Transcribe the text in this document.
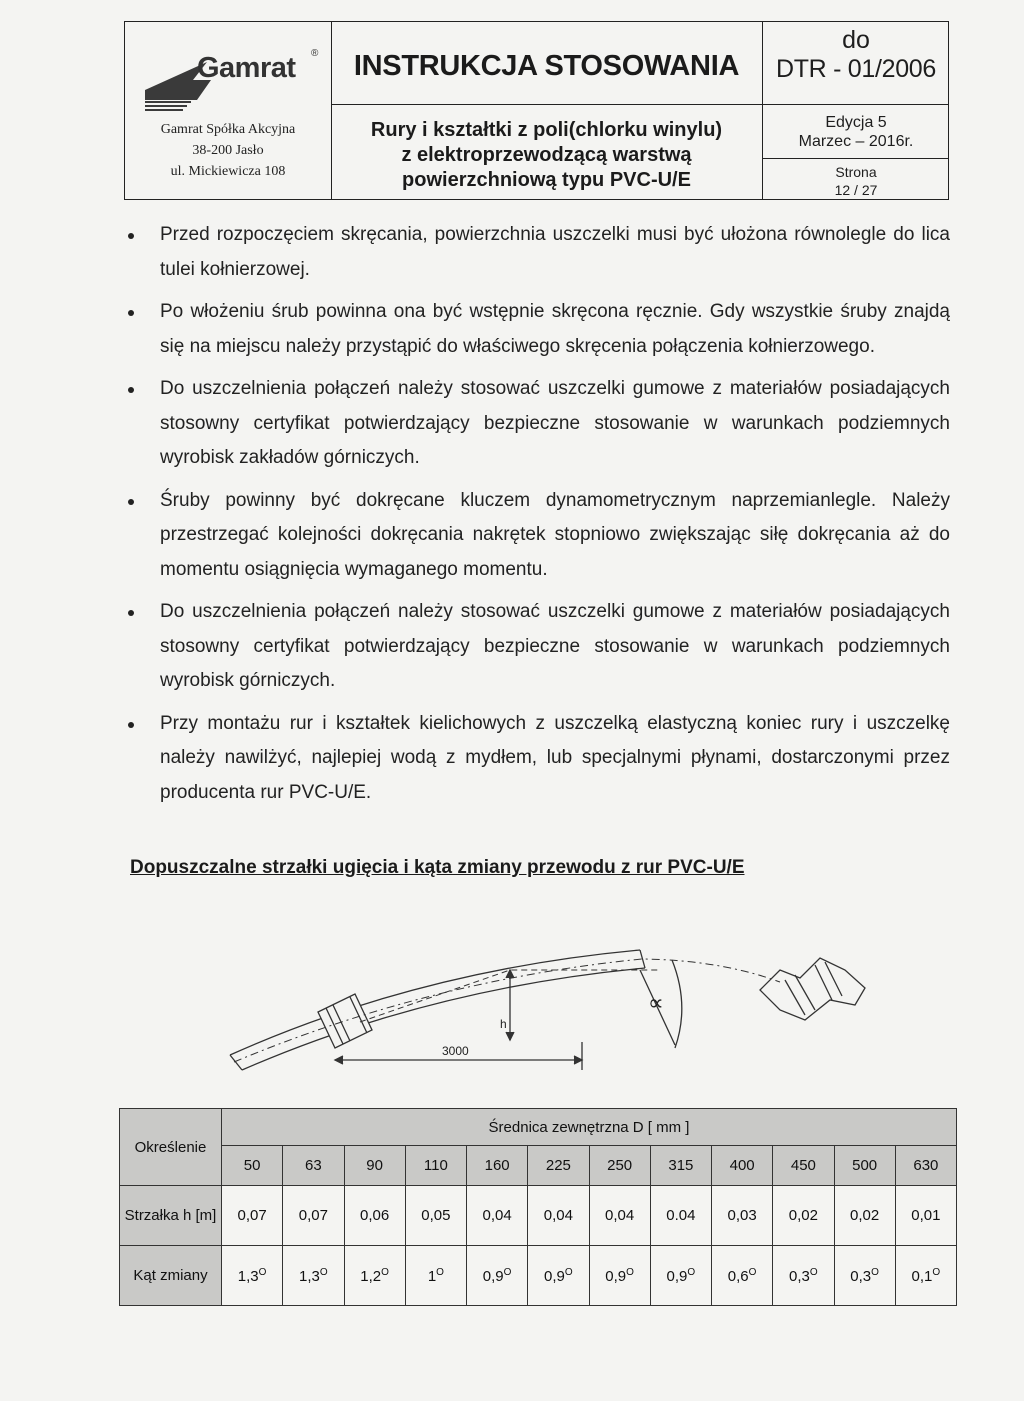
Gamrat ®
Gamrat Spółka Akcyjna
38-200 Jasło
ul. Mickiewicza 108
INSTRUKCJA STOSOWANIA
Rury i kształtki z poli(chlorku winylu)
z elektroprzewodzącą warstwą
powierzchniową typu PVC-U/E
do
DTR - 01/2006
Edycja 5
Marzec – 2016r.
Strona
12 / 27
Przed rozpoczęciem skręcania, powierzchnia uszczelki musi być ułożona równolegle do lica tulei kołnierzowej.
Po włożeniu śrub powinna ona być wstępnie skręcona ręcznie. Gdy wszystkie śruby znajdą się na miejscu należy przystąpić do właściwego skręcenia połączenia kołnierzowego.
Do uszczelnienia połączeń należy stosować uszczelki gumowe z materiałów posiadających stosowny certyfikat potwierdzający bezpieczne stosowanie w warunkach podziemnych wyrobisk zakładów górniczych.
Śruby powinny być dokręcane kluczem dynamometrycznym naprzemianlegle. Należy przestrzegać kolejności dokręcania nakrętek stopniowo zwiększając siłę dokręcania aż do momentu osiągnięcia wymaganego momentu.
Do uszczelnienia połączeń należy stosować uszczelki gumowe z materiałów posiadających stosowny certyfikat potwierdzający bezpieczne stosowanie w warunkach podziemnych wyrobisk górniczych.
Przy montażu rur i kształtek kielichowych z uszczelką elastyczną koniec rury i uszczelkę należy nawilżyć, najlepiej wodą z mydłem, lub specjalnymi płynami, dostarczonymi przez producenta rur PVC-U/E.
Dopuszczalne strzałki ugięcia i kąta zmiany przewodu z rur PVC-U/E
h
3000
∝
Określenie	Średnica zewnętrzna D [ mm ]											
	50	63	90	110	160	225	250	315	400	450	500	630
Strzałka h [m]	0,07	0,07	0,06	0,05	0,04	0,04	0,04	0.04	0,03	0,02	0,02	0,01
Kąt zmiany	$1,3^O$	$1,3^O$	$1,2^O$	$1^O$	$0,9^O$	$0,9^O$	$0,9^O$	$0,9^O$	$0,6^O$	$0,3^O$	$0,3^O$	$0,1^O$
